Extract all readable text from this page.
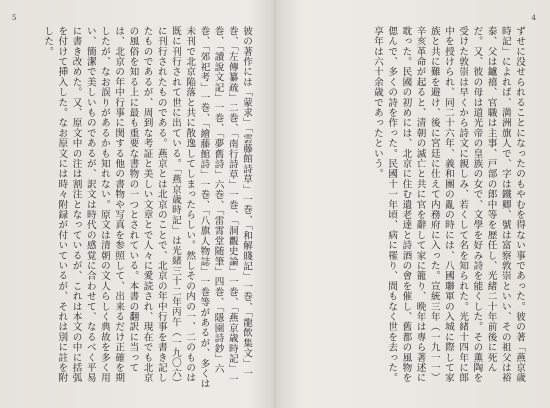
5
彼の著作には「蒙求」「雲藤館詩草」一巻、「和解賤記」一巻、「龍飲集文」一巻、「左傳纂疏」二巻、「南行詩草」一巻、「洞觀史論」一巻、「燕京歳時記」一巻、「讀說文記」一巻、「夢舊詩」六巻、「雷霄堂随筆」四巻、「隱園詩鈔」六巻、「郊祀考」一巻、「繪藤館詩」一巻、「八旗人物誌」一巻等があるが、多くは未刊で北京陥落と共に散逸してしまったらしい。然しその内の一、二のものは既に刊行されて世に出ている。「燕京歳時記」は光緒三十二年丙午（一九〇六）に刊行されたものである。燕京とは北京のことで、北京の年中行事を書き記したものであるが、周到な考証と美しい文章とで人々に愛読され、現在でも北京の風俗を知る上に最も重要な書物の一つとされている。本書の翻訳に当っては、北京の年中行事に関する他の書物や写真を参照して、出来るだけ正確を期したが、なお誤りがあるかも知れない。原文は清朝の文人らしく典故を多く用い、簡潔で美しいものであるが、訳文は時代の感覚に合わせて、なるべく平易に書き改めた。又、原文中の注は割注となっているが、これは本文の中に括弧を付けて挿入した。なお原文には時々附録が付いているが、それは別に註を附した。
4
ずせに没せられることになったのもやむを得ない事であった。彼の著「燕京歳時記」によれば、満洲旗人で、字は鐵卿、號は富察敦崇といい、その祖父は裕泰、父は鑪禧、官職は主事、戸部の郎中等を歴任し、光緒二十年前後に死んだ。又、彼の母は道光帝の皇族の女で、文學を好み詩を能くした。その薫陶を受けた敦崇は早くから詩文に親しみ、若くして名を知られた。光緒十四年に郎中を授けられ、同二十六年、義和團の亂の時には、八國聯軍の入城に際して家族と共に難を避け、後に宮廷に仕えて内務府に入った。宣統三年（一九一一）辛亥革命が起ると、清朝の滅亡と共に官を辭して家に籠り、晩年は專ら著述に耽った。民國の初めには、北京に住む遺老達と詩酒の會を催し、舊都の風物を偲んで、多くの詩を作った。民國十一年頃、病に罹り、間もなく世を去った。享年は六十余歳であったという。
